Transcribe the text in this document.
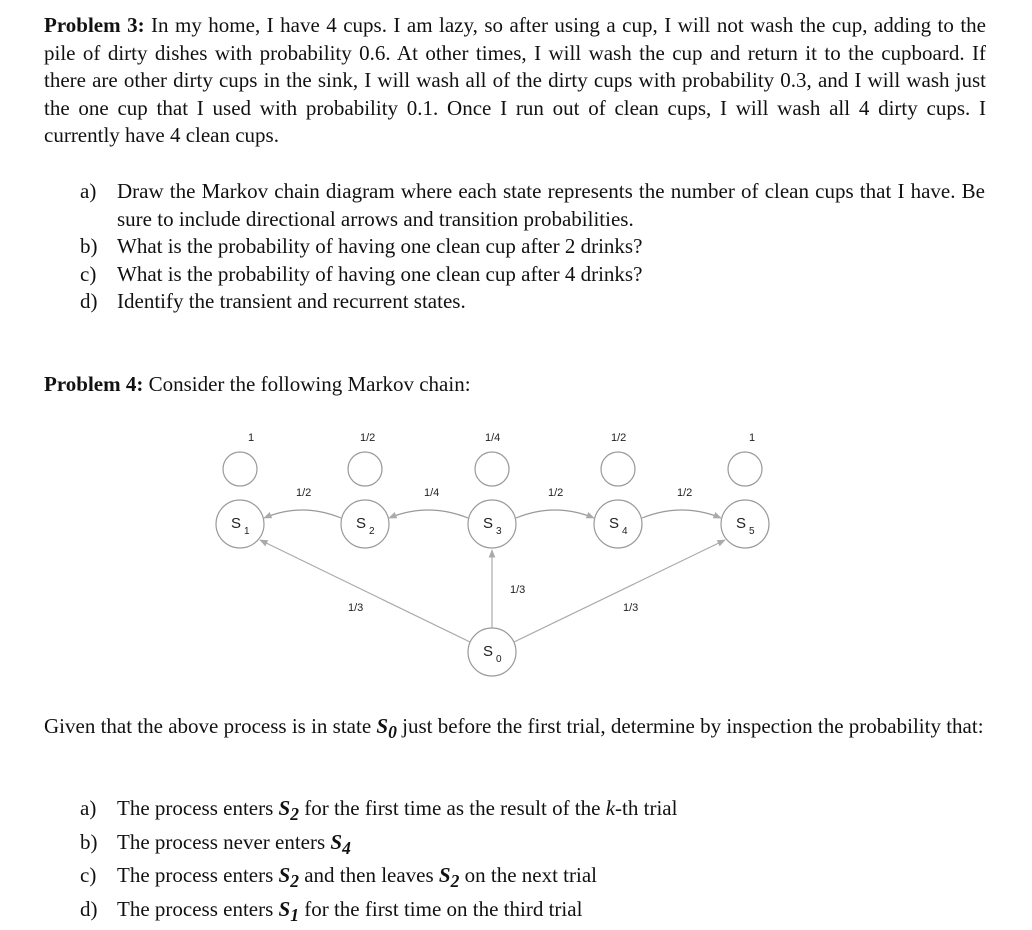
Problem 3: In my home, I have 4 cups. I am lazy, so after using a cup, I will not wash the cup, adding to the pile of dirty dishes with probability 0.6. At other times, I will wash the cup and return it to the cupboard. If there are other dirty cups in the sink, I will wash all of the dirty cups with probability 0.3, and I will wash just the one cup that I used with probability 0.1. Once I run out of clean cups, I will wash all 4 dirty cups. I currently have 4 clean cups.
a) Draw the Markov chain diagram where each state represents the number of clean cups that I have. Be sure to include directional arrows and transition probabilities.
b) What is the probability of having one clean cup after 2 drinks?
c) What is the probability of having one clean cup after 4 drinks?
d) Identify the transient and recurrent states.
Problem 4: Consider the following Markov chain:
1	1/2	1/4	1/2	1
1/2	1/4	1/2	1/2
1/3
1/3
1/3
S 1	S 2	S 3	S 4	S 5
S 0
Given that the above process is in state $S_0$ just before the first trial, determine by inspection the probability that:
a) The process enters $S_2$ for the first time as the result of the k-th trial
b) The process never enters $S_4$
c) The process enters $S_2$ and then leaves $S_2$ on the next trial
d) The process enters $S_1$ for the first time on the third trial
